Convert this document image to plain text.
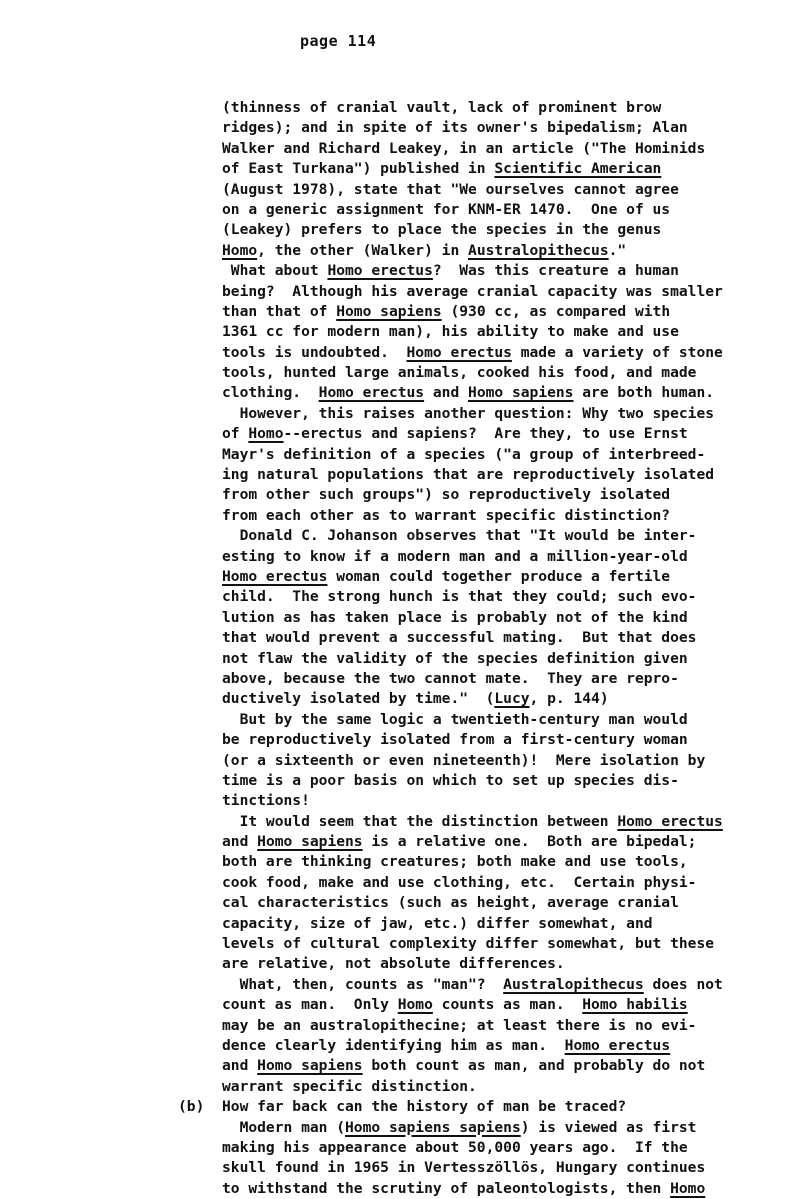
page 114
(b)
(thinness of cranial vault, lack of prominent brow
ridges); and in spite of its owner's bipedalism; Alan
Walker and Richard Leakey, in an article ("The Hominids
of East Turkana") published in Scientific American
(August 1978), state that "We ourselves cannot agree
on a generic assignment for KNM-ER 1470.  One of us
(Leakey) prefers to place the species in the genus
Homo, the other (Walker) in Australopithecus."
What about Homo erectus?  Was this creature a human
being?  Although his average cranial capacity was smaller
than that of Homo sapiens (930 cc, as compared with
1361 cc for modern man), his ability to make and use
tools is undoubted.  Homo erectus made a variety of stone
tools, hunted large animals, cooked his food, and made
clothing.  Homo erectus and Homo sapiens are both human.
However, this raises another question: Why two species
of Homo--erectus and sapiens?  Are they, to use Ernst
Mayr's definition of a species ("a group of interbreed-
ing natural populations that are reproductively isolated
from other such groups") so reproductively isolated
from each other as to warrant specific distinction?
Donald C. Johanson observes that "It would be inter-
esting to know if a modern man and a million-year-old
Homo erectus woman could together produce a fertile
child.  The strong hunch is that they could; such evo-
lution as has taken place is probably not of the kind
that would prevent a successful mating.  But that does
not flaw the validity of the species definition given
above, because the two cannot mate.  They are repro-
ductively isolated by time."  (Lucy, p. 144)
But by the same logic a twentieth-century man would
be reproductively isolated from a first-century woman
(or a sixteenth or even nineteenth)!  Mere isolation by
time is a poor basis on which to set up species dis-
tinctions!
It would seem that the distinction between Homo erectus
and Homo sapiens is a relative one.  Both are bipedal;
both are thinking creatures; both make and use tools,
cook food, make and use clothing, etc.  Certain physi-
cal characteristics (such as height, average cranial
capacity, size of jaw, etc.) differ somewhat, and
levels of cultural complexity differ somewhat, but these
are relative, not absolute differences.
What, then, counts as "man"?  Australopithecus does not
count as man.  Only Homo counts as man.  Homo habilis
may be an australopithecine; at least there is no evi-
dence clearly identifying him as man.  Homo erectus
and Homo sapiens both count as man, and probably do not
warrant specific distinction.
How far back can the history of man be traced?
Modern man (Homo sapiens sapiens) is viewed as first
making his appearance about 50,000 years ago.  If the
skull found in 1965 in Vertesszöllös, Hungary continues
to withstand the scrutiny of paleontologists, then Homo
